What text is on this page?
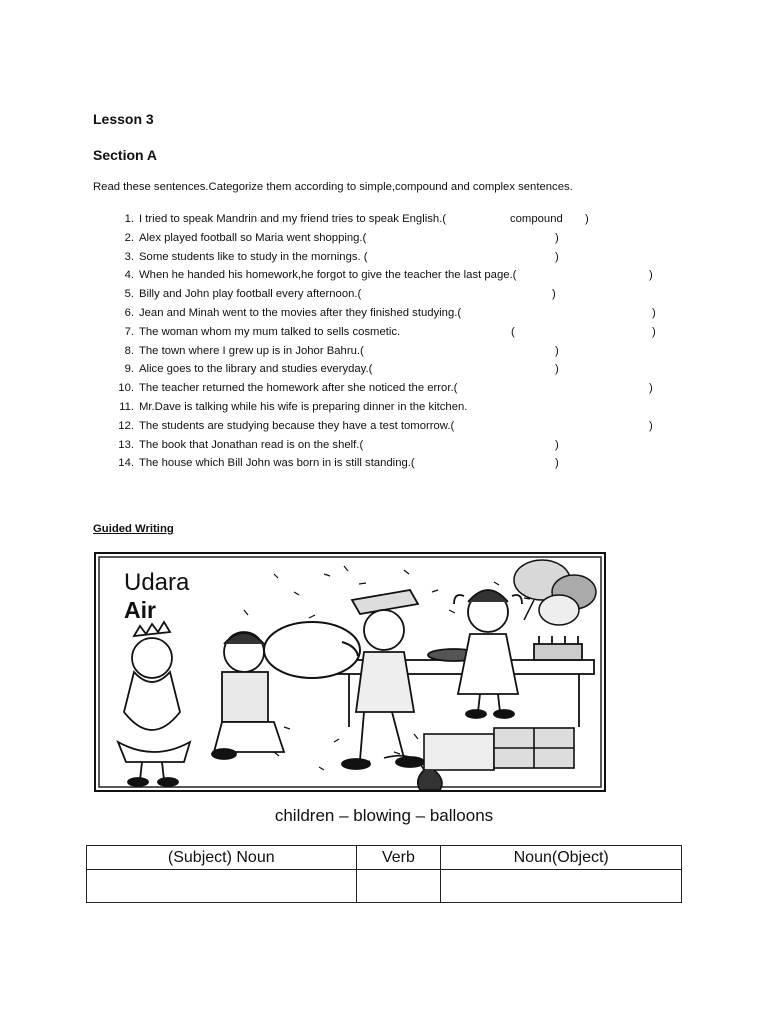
Lesson 3
Section A
Read these sentences.Categorize them according to simple,compound and complex sentences.
1. I tried to speak Mandrin and my friend tries to speak English.(	compound )
2. Alex played football so Maria went shopping.(	)
3. Some students like to study in the mornings. (	)
4. When he handed his homework,he forgot to give the teacher the last page.(	)
5. Billy and John play football every afternoon.(	)
6. Jean and Minah went to the movies after they finished studying.(	)
7. The woman whom my mum talked to sells cosmetic.	(	)
8. The town where I grew up is in Johor Bahru.(	)
9. Alice goes to the library and studies everyday.(	)
10. The teacher returned the homework after she noticed the error.(	)
11. Mr.Dave is talking while his wife is preparing dinner in the kitchen.
12. The students are studying because they have a test tomorrow.(	)
13. The book that Jonathan read is on the shelf.(	)
14. The house which Bill John was born in is still standing.(	)
Guided Writing
Udara
Air
children – blowing – balloons
(Subject) Noun	Verb	Noun(Object)
